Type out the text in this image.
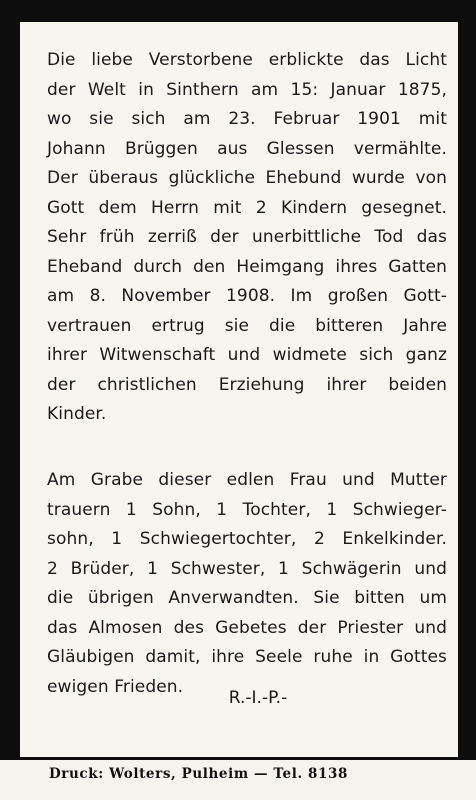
Die liebe Verstorbene erblickte das Licht
der Welt in Sinthern am 15: Januar 1875,
wo sie sich am 23. Februar 1901 mit
Johann Brüggen aus Glessen vermählte.
Der überaus glückliche Ehebund wurde von
Gott dem Herrn mit 2 Kindern gesegnet.
Sehr früh zerriß der unerbittliche Tod das
Eheband durch den Heimgang ihres Gatten
am 8. November 1908. Im großen Gott-
vertrauen ertrug sie die bitteren Jahre
ihrer Witwenschaft und widmete sich ganz
der christlichen Erziehung ihrer beiden
Kinder.
Am Grabe dieser edlen Frau und Mutter
trauern 1 Sohn, 1 Tochter, 1 Schwieger-
sohn, 1 Schwiegertochter, 2 Enkelkinder.
2 Brüder, 1 Schwester, 1 Schwägerin und
die übrigen Anverwandten. Sie bitten um
das Almosen des Gebetes der Priester und
Gläubigen damit, ihre Seele ruhe in Gottes
ewigen Frieden.
R.-I.-P.-
Druck: Wolters, Pulheim — Tel. 8138
